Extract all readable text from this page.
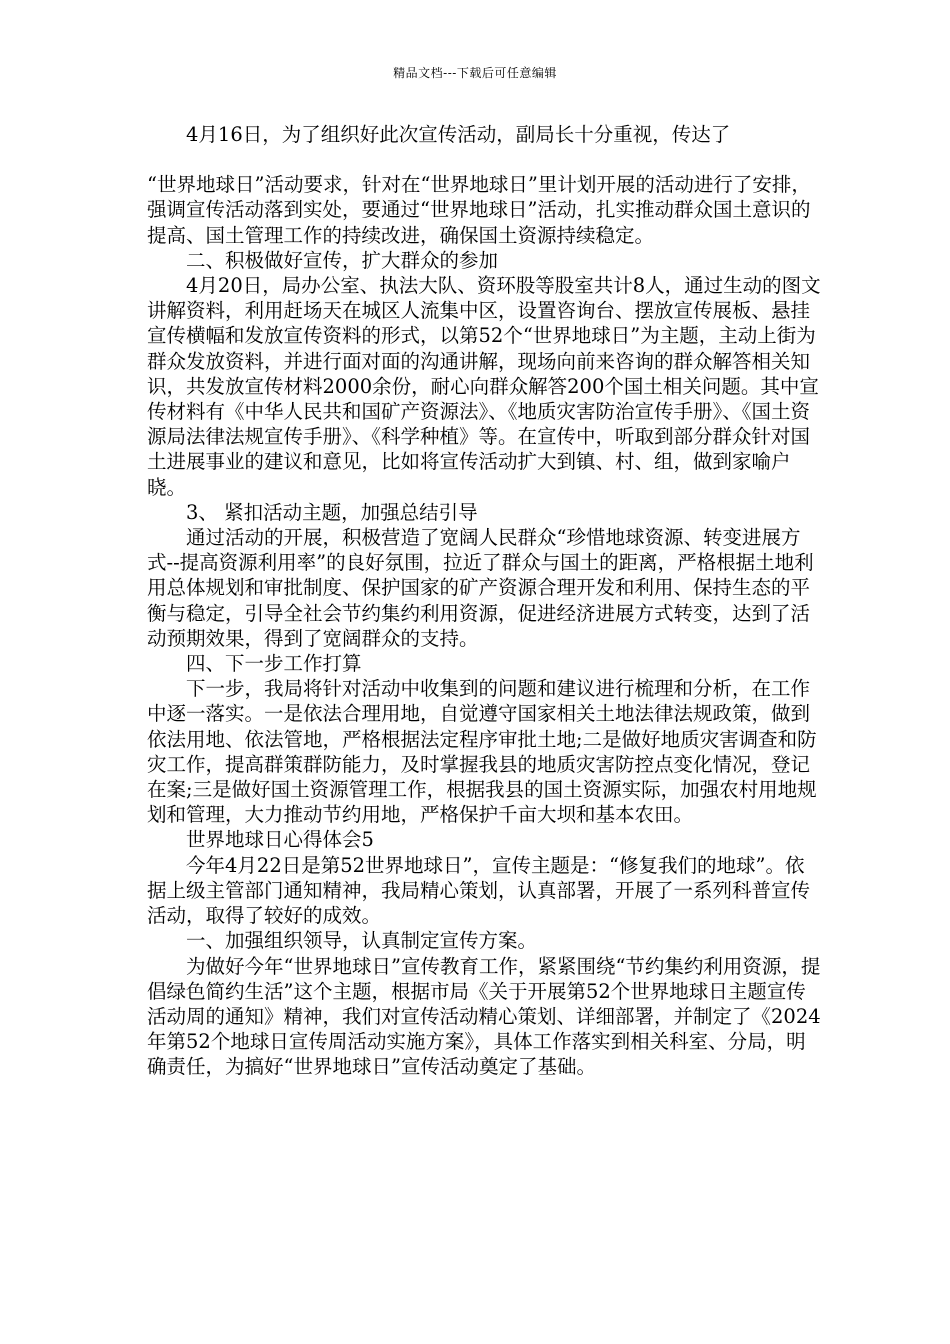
精品文档---下载后可任意编辑

4月16日，为了组织好此次宣传活动，副局长十分重视，传达了

“世界地球日”活动要求，针对在“世界地球日”里计划开展的活动进行了安排，强调宣传活动落到实处，要通过“世界地球日”活动，扎实推动群众国土意识的提高、国土管理工作的持续改进，确保国土资源持续稳定。

二、积极做好宣传，扩大群众的参加

4月20日，局办公室、执法大队、资环股等股室共计8人，通过生动的图文讲解资料，利用赶场天在城区人流集中区，设置咨询台、摆放宣传展板、悬挂宣传横幅和发放宣传资料的形式，以第52个“世界地球日”为主题，主动上街为群众发放资料，并进行面对面的沟通讲解，现场向前来咨询的群众解答相关知识，共发放宣传材料2000余份，耐心向群众解答200个国土相关问题。其中宣传材料有《中华人民共和国矿产资源法》、《地质灾害防治宣传手册》、《国土资源局法律法规宣传手册》、《科学种植》等。在宣传中，听取到部分群众针对国土进展事业的建议和意见，比如将宣传活动扩大到镇、村、组，做到家喻户晓。

3、 紧扣活动主题，加强总结引导

通过活动的开展，积极营造了宽阔人民群众“珍惜地球资源、转变进展方式--提高资源利用率”的良好氛围，拉近了群众与国土的距离，严格根据土地利用总体规划和审批制度、保护国家的矿产资源合理开发和利用、保持生态的平衡与稳定，引导全社会节约集约利用资源，促进经济进展方式转变，达到了活动预期效果，得到了宽阔群众的支持。

四、下一步工作打算

下一步，我局将针对活动中收集到的问题和建议进行梳理和分析，在工作中逐一落实。一是依法合理用地，自觉遵守国家相关土地法律法规政策，做到依法用地、依法管地，严格根据法定程序审批土地;二是做好地质灾害调查和防灾工作，提高群策群防能力，及时掌握我县的地质灾害防控点变化情况，登记在案;三是做好国土资源管理工作，根据我县的国土资源实际，加强农村用地规划和管理，大力推动节约用地，严格保护千亩大坝和基本农田。

世界地球日心得体会5

今年4月22日是第52世界地球日”，宣传主题是：“修复我们的地球”。依据上级主管部门通知精神，我局精心策划，认真部署，开展了一系列科普宣传活动，取得了较好的成效。

一、加强组织领导，认真制定宣传方案。

为做好今年“世界地球日”宣传教育工作，紧紧围绕“节约集约利用资源，提倡绿色简约生活”这个主题，根据市局《关于开展第52个世界地球日主题宣传活动周的通知》精神，我们对宣传活动精心策划、详细部署，并制定了《2024年第52个地球日宣传周活动实施方案》，具体工作落实到相关科室、分局，明确责任，为搞好“世界地球日”宣传活动奠定了基础。
